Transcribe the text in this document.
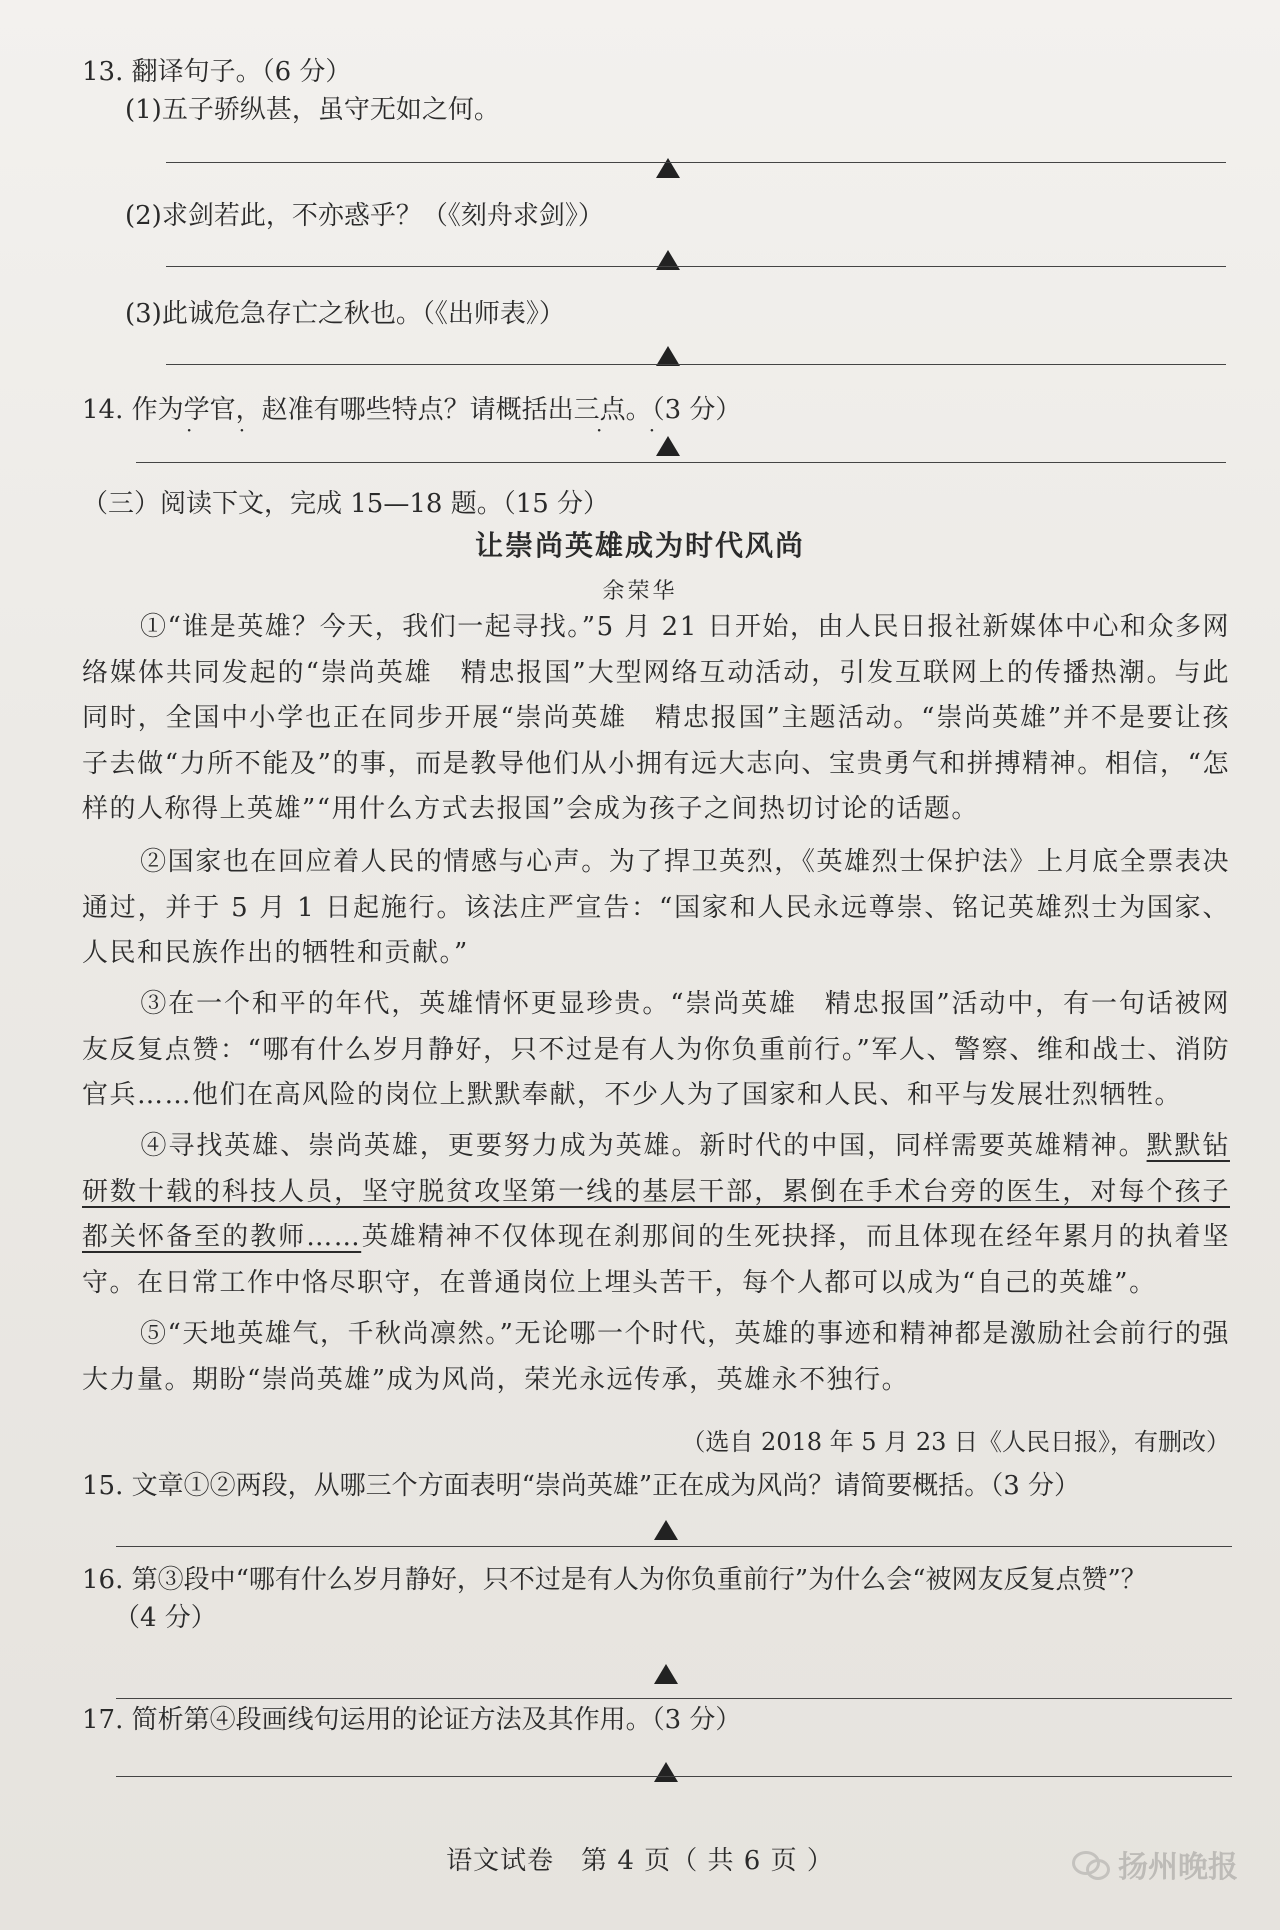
13. 翻译句子。（6 分）
(1)五子骄纵甚，虽守无如之何。
(2)求剑若此，不亦惑乎？（《刻舟求剑》）
(3)此诚危急存亡之秋也。（《出师表》）
14. 作为学官，赵准有哪些特点？请概括出三点。（3 分）
· ·	· ·
（三）阅读下文，完成 15—18 题。（15 分）
让崇尚英雄成为时代风尚
余荣华
①“谁是英雄？今天，我们一起寻找。”5 月 21 日开始，由人民日报社新媒体中心和众多网络媒体共同发起的“崇尚英雄　精忠报国”大型网络互动活动，引发互联网上的传播热潮。与此同时，全国中小学也正在同步开展“崇尚英雄　精忠报国”主题活动。“崇尚英雄”并不是要让孩子去做“力所不能及”的事，而是教导他们从小拥有远大志向、宝贵勇气和拼搏精神。相信，“怎样的人称得上英雄”“用什么方式去报国”会成为孩子之间热切讨论的话题。
②国家也在回应着人民的情感与心声。为了捍卫英烈，《英雄烈士保护法》上月底全票表决通过，并于 5 月 1 日起施行。该法庄严宣告：“国家和人民永远尊崇、铭记英雄烈士为国家、人民和民族作出的牺牲和贡献。”
③在一个和平的年代，英雄情怀更显珍贵。“崇尚英雄　精忠报国”活动中，有一句话被网友反复点赞：“哪有什么岁月静好，只不过是有人为你负重前行。”军人、警察、维和战士、消防官兵……他们在高风险的岗位上默默奉献，不少人为了国家和人民、和平与发展壮烈牺牲。
④寻找英雄、崇尚英雄，更要努力成为英雄。新时代的中国，同样需要英雄精神。默默钻研数十载的科技人员，坚守脱贫攻坚第一线的基层干部，累倒在手术台旁的医生，对每个孩子都关怀备至的教师……英雄精神不仅体现在刹那间的生死抉择，而且体现在经年累月的执着坚守。在日常工作中恪尽职守，在普通岗位上埋头苦干，每个人都可以成为“自己的英雄”。
⑤“天地英雄气，千秋尚凛然。”无论哪一个时代，英雄的事迹和精神都是激励社会前行的强大力量。期盼“崇尚英雄”成为风尚，荣光永远传承，英雄永不独行。
（选自 2018 年 5 月 23 日《人民日报》，有删改）
15. 文章①②两段，从哪三个方面表明“崇尚英雄”正在成为风尚？请简要概括。（3 分）
16. 第③段中“哪有什么岁月静好，只不过是有人为你负重前行”为什么会“被网友反复点赞”？
（4 分）
17. 简析第④段画线句运用的论证方法及其作用。（3 分）
语文试卷　第 4 页（ 共 6 页 ）	扬州晚报
